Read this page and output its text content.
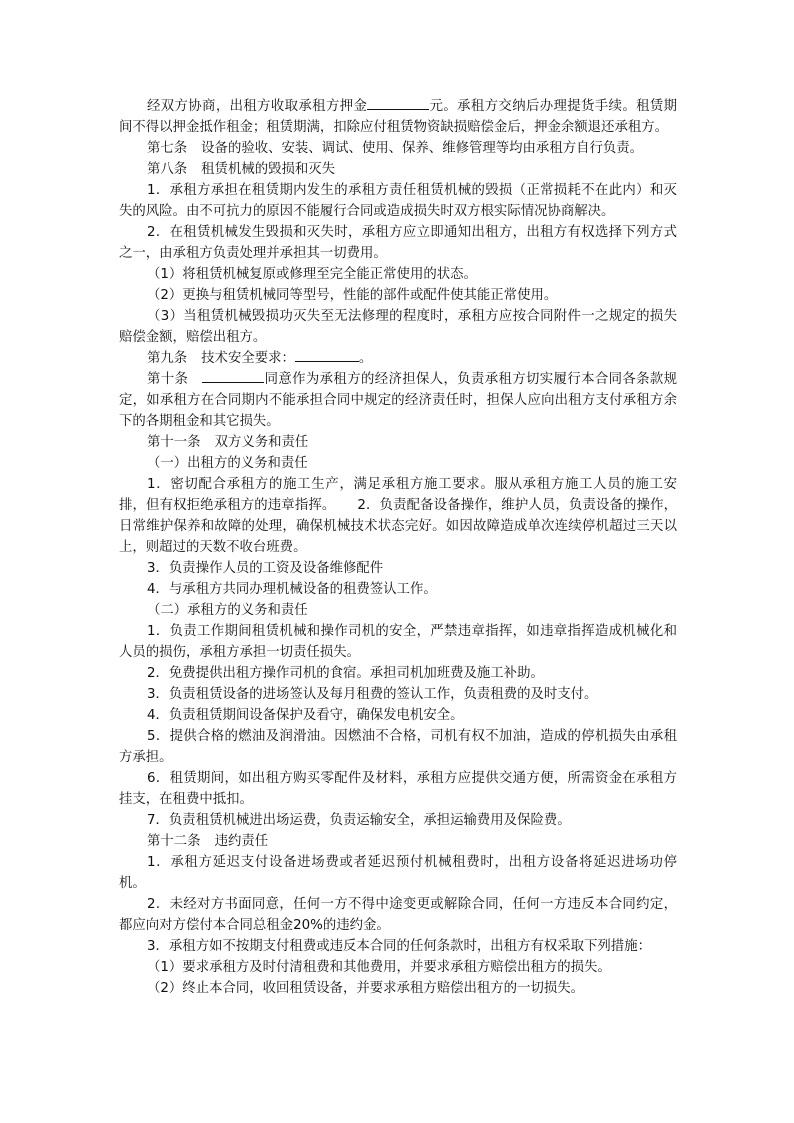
经双方协商，出租方收取承租方押金	元。承租方交纳后办理提货手续。租赁期间不得以押金抵作租金；租赁期满，扣除应付租赁物资缺损赔偿金后，押金余额退还承租方。

第七条 设备的验收、安装、调试、使用、保养、维修管理等均由承租方自行负责。

第八条 租赁机械的毁损和灭失

1．承租方承担在租赁期内发生的承租方责任租赁机械的毁损（正常损耗不在此内）和灭失的风险。由不可抗力的原因不能履行合同或造成损失时双方根实际情况协商解决。

2．在租赁机械发生毁损和灭失时，承租方应立即通知出租方，出租方有权选择下列方式之一，由承租方负责处理并承担其一切费用。

（1）将租赁机械复原或修理至完全能正常使用的状态。

（2）更换与租赁机械同等型号，性能的部件或配件使其能正常使用。

（3）当租赁机械毁损功灭失至无法修理的程度时，承租方应按合同附件一之规定的损失赔偿金额，赔偿出租方。

第九条 技术安全要求：	。

第十条	同意作为承租方的经济担保人，负责承租方切实履行本合同各条款规定，如承租方在合同期内不能承担合同中规定的经济责任时，担保人应向出租方支付承租方余下的各期租金和其它损失。

第十一条 双方义务和责任

（一）出租方的义务和责任

1．密切配合承租方的施工生产，满足承租方施工要求。服从承租方施工人员的施工安排，但有权拒绝承租方的违章指挥。 2．负责配备设备操作，维护人员，负责设备的操作，日常维护保养和故障的处理，确保机械技术状态完好。如因故障造成单次连续停机超过三天以上，则超过的天数不收台班费。

3．负责操作人员的工资及设备维修配件

4．与承租方共同办理机械设备的租费签认工作。

（二）承租方的义务和责任

1．负责工作期间租赁机械和操作司机的安全，严禁违章指挥，如违章指挥造成机械化和人员的损伤，承租方承担一切责任损失。

2．免费提供出租方操作司机的食宿。承担司机加班费及施工补助。

3．负责租赁设备的进场签认及每月租费的签认工作，负责租费的及时支付。

4．负责租赁期间设备保护及看守，确保发电机安全。

5．提供合格的燃油及润滑油。因燃油不合格，司机有权不加油，造成的停机损失由承租方承担。

6．租赁期间，如出租方购买零配件及材料，承租方应提供交通方便，所需资金在承租方挂支，在租费中抵扣。

7．负责租赁机械进出场运费，负责运输安全，承担运输费用及保险费。

第十二条 违约责任

1．承租方延迟支付设备进场费或者延迟预付机械租费时，出租方设备将延迟进场功停机。

2．未经对方书面同意，任何一方不得中途变更或解除合同，任何一方违反本合同约定，都应向对方偿付本合同总租金20%的违约金。

3．承租方如不按期支付租费或违反本合同的任何条款时，出租方有权采取下列措施：

（1）要求承租方及时付清租费和其他费用，并要求承租方赔偿出租方的损失。

（2）终止本合同，收回租赁设备，并要求承租方赔偿出租方的一切损失。
